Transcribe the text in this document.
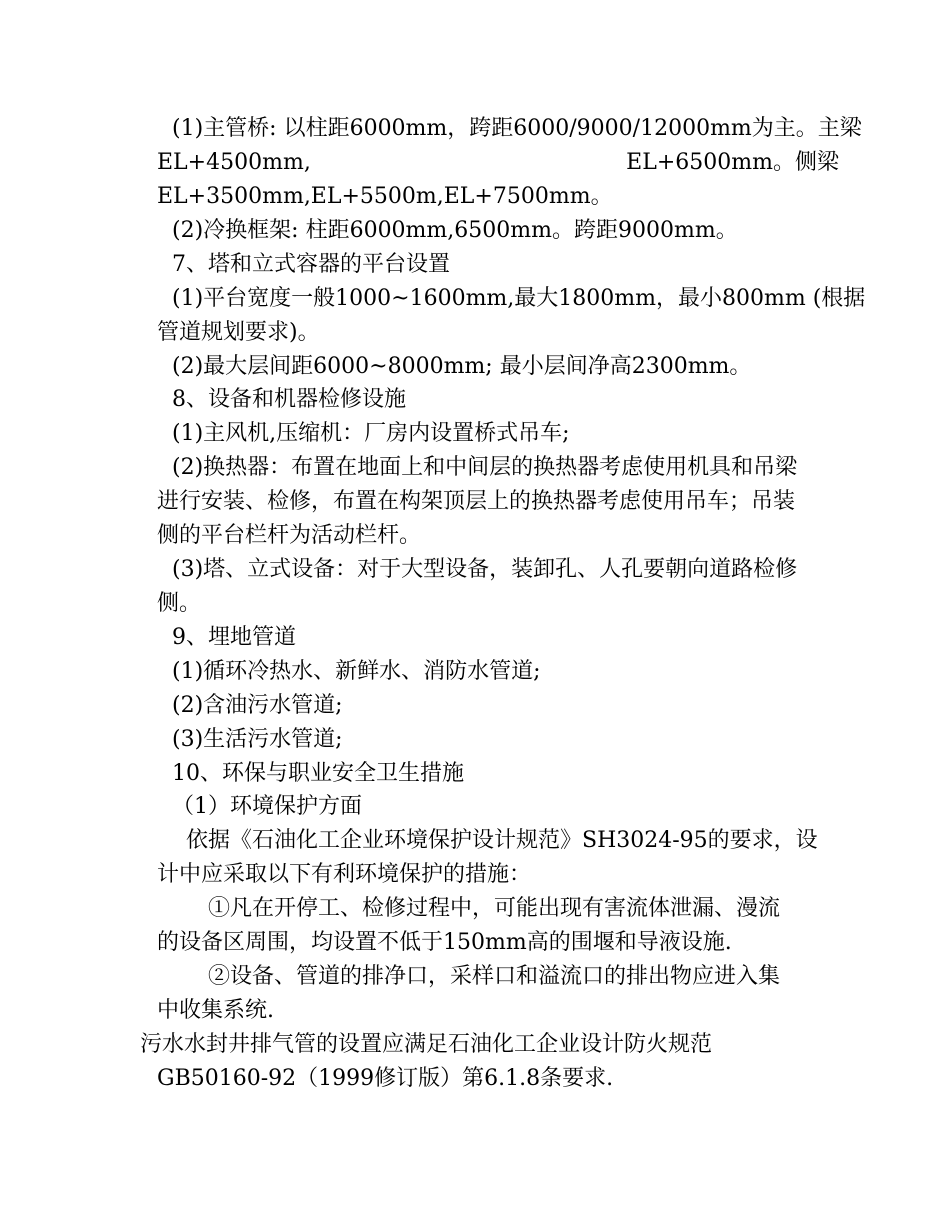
(1)主管桥: 以柱距6000mm，跨距6000/9000/12000mm为主。主梁
EL+4500mm,	EL+6500mm。侧梁
EL+3500mm,EL+5500m,EL+7500mm。
(2)冷换框架: 柱距6000mm,6500mm。跨距9000mm。
7、塔和立式容器的平台设置
(1)平台宽度一般1000~1600mm,最大1800mm，最小800mm (根据
管道规划要求)。
(2)最大层间距6000~8000mm; 最小层间净高2300mm。
8、设备和机器检修设施
(1)主风机,压缩机：厂房内设置桥式吊车;
(2)换热器：布置在地面上和中间层的换热器考虑使用机具和吊梁
进行安装、检修，布置在构架顶层上的换热器考虑使用吊车；吊装
侧的平台栏杆为活动栏杆。
(3)塔、立式设备：对于大型设备，装卸孔、人孔要朝向道路检修
侧。
9、埋地管道
(1)循环冷热水、新鲜水、消防水管道;
(2)含油污水管道;
(3)生活污水管道;
10、环保与职业安全卫生措施
（1）环境保护方面
依据《石油化工企业环境保护设计规范》SH3024-95的要求，设
计中应采取以下有利环境保护的措施：
①凡在开停工、检修过程中，可能出现有害流体泄漏、漫流
的设备区周围，均设置不低于150mm高的围堰和导液设施.
②设备、管道的排净口，采样口和溢流口的排出物应进入集
中收集系统.
污水水封井排气管的设置应满足石油化工企业设计防火规范
GB50160-92（1999修订版）第6.1.8条要求.
